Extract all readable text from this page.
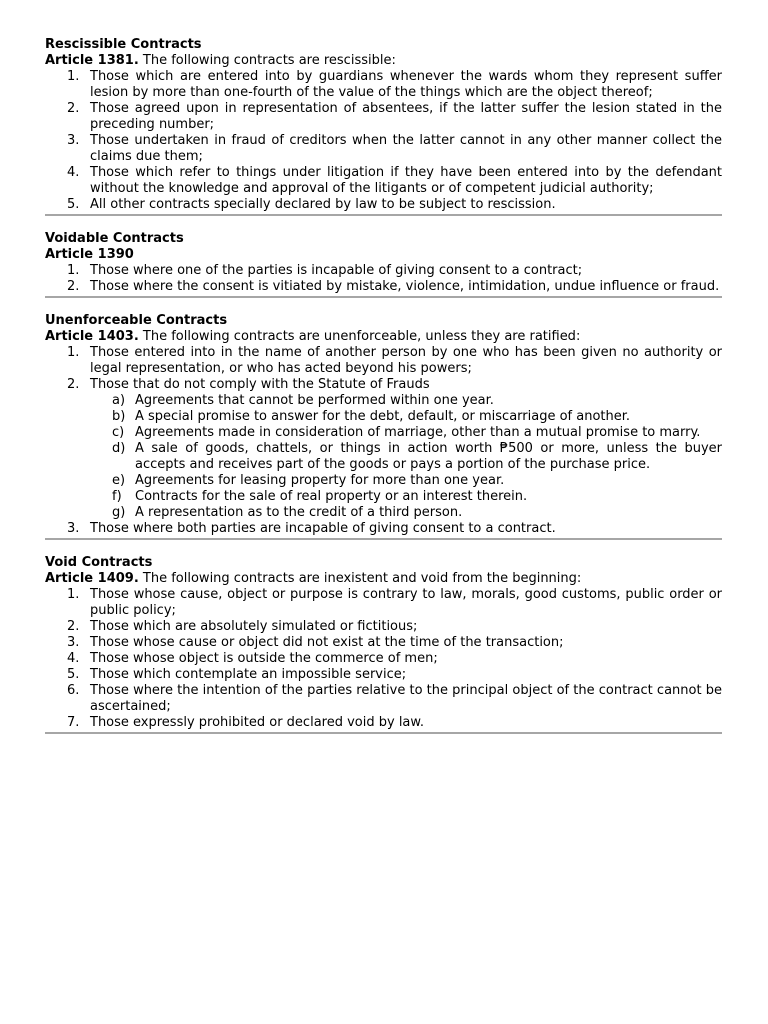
Rescissible Contracts

Article 1381. The following contracts are rescissible:

1. Those which are entered into by guardians whenever the wards whom they represent suffer lesion by more than one-fourth of the value of the things which are the object thereof;
2. Those agreed upon in representation of absentees, if the latter suffer the lesion stated in the preceding number;
3. Those undertaken in fraud of creditors when the latter cannot in any other manner collect the claims due them;
4. Those which refer to things under litigation if they have been entered into by the defendant without the knowledge and approval of the litigants or of competent judicial authority;
5. All other contracts specially declared by law to be subject to rescission.

Voidable Contracts

Article 1390

1. Those where one of the parties is incapable of giving consent to a contract;
2. Those where the consent is vitiated by mistake, violence, intimidation, undue influence or fraud.

Unenforceable Contracts

Article 1403. The following contracts are unenforceable, unless they are ratified:

1. Those entered into in the name of another person by one who has been given no authority or legal representation, or who has acted beyond his powers;
2. Those that do not comply with the Statute of Frauds
a) Agreements that cannot be performed within one year.
b) A special promise to answer for the debt, default, or miscarriage of another.
c) Agreements made in consideration of marriage, other than a mutual promise to marry.
d) A sale of goods, chattels, or things in action worth ₱500 or more, unless the buyer accepts and receives part of the goods or pays a portion of the purchase price.
e) Agreements for leasing property for more than one year.
f) Contracts for the sale of real property or an interest therein.
g) A representation as to the credit of a third person.
3. Those where both parties are incapable of giving consent to a contract.

Void Contracts

Article 1409. The following contracts are inexistent and void from the beginning:

1. Those whose cause, object or purpose is contrary to law, morals, good customs, public order or public policy;
2. Those which are absolutely simulated or fictitious;
3. Those whose cause or object did not exist at the time of the transaction;
4. Those whose object is outside the commerce of men;
5. Those which contemplate an impossible service;
6. Those where the intention of the parties relative to the principal object of the contract cannot be ascertained;
7. Those expressly prohibited or declared void by law.
